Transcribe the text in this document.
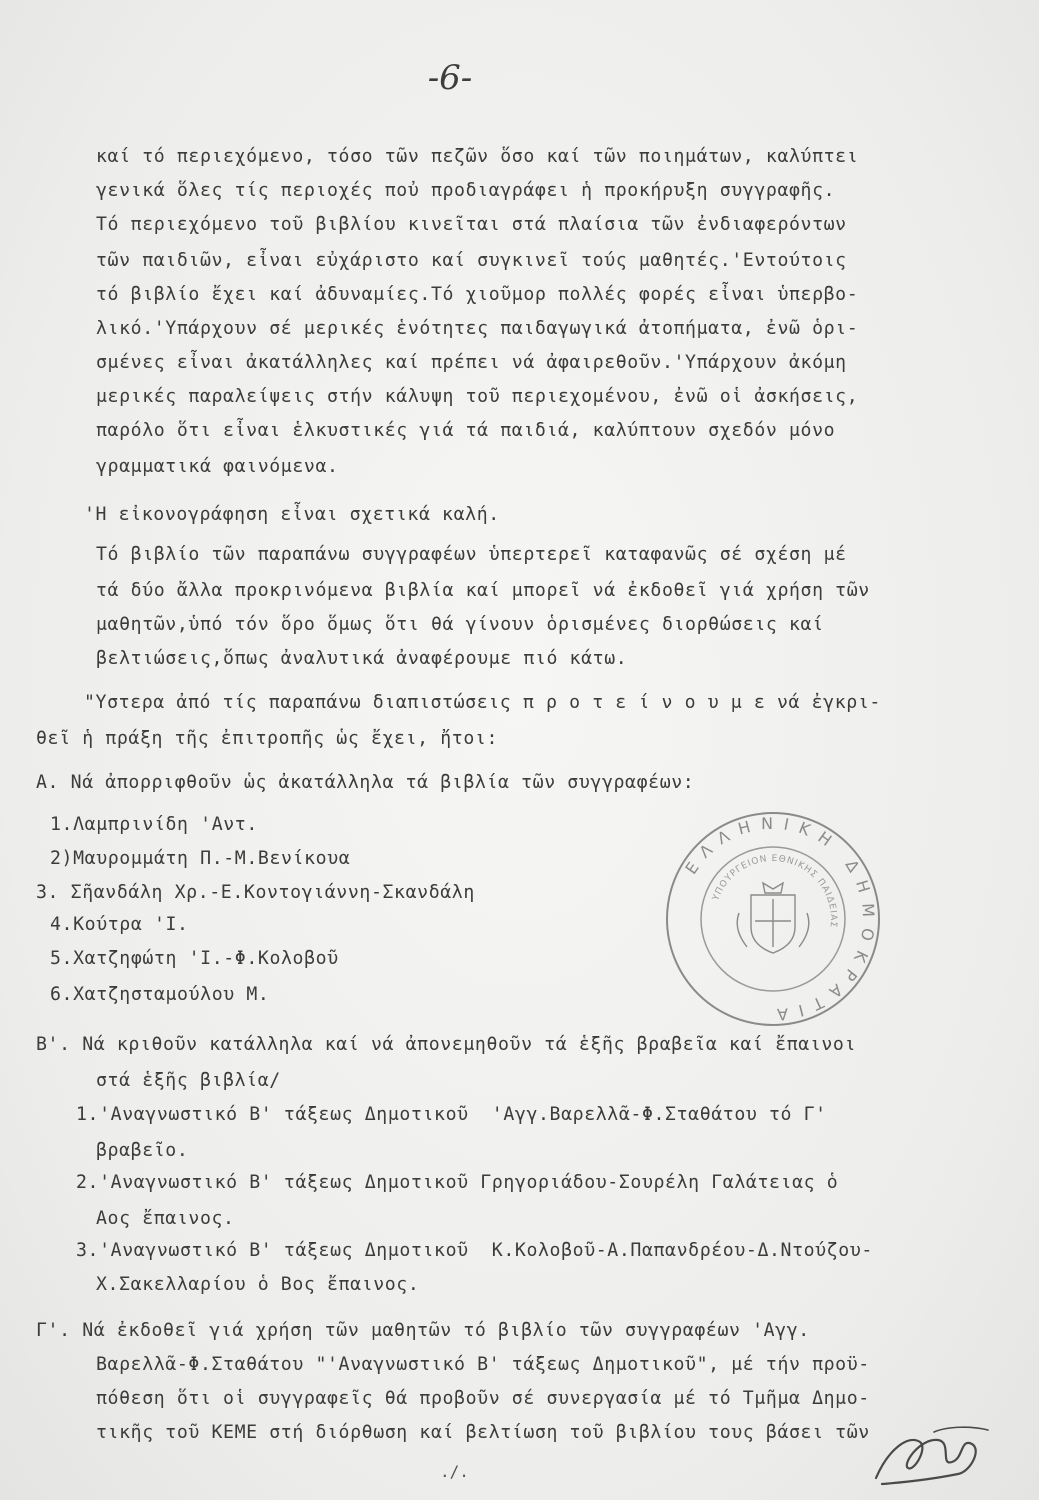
-6-
καί τό περιεχόμενο, τόσο τῶν πεζῶν ὅσο καί τῶν ποιημάτων, καλύπτει
γενικά ὅλες τίς περιοχές ποὐ προδιαγράφει ἡ προκήρυξη συγγραφῆς.
Τό περιεχόμενο τοῦ βιβλίου κινεῖται στά πλαίσια τῶν ἐνδιαφερόντων
τῶν παιδιῶν, εἶναι εὐχάριστο καί συγκινεῖ τούς μαθητές.'Εντούτοις
τό βιβλίο ἔχει καί ἀδυναμίες.Τό χιοῦμορ πολλές φορές εἶναι ὑπερβο-
λικό.'Υπάρχουν σέ μερικές ἑνότητες παιδαγωγικά ἀτοπήματα, ἐνῶ ὁρι-
σμένες εἶναι ἀκατάλληλες καί πρέπει νά ἀφαιρεθοῦν.'Υπάρχουν ἀκόμη
μερικές παραλείψεις στήν κάλυψη τοῦ περιεχομένου, ἐνῶ οἱ ἀσκήσεις,
παρόλο ὅτι εἶναι ἑλκυστικές γιά τά παιδιά, καλύπτουν σχεδόν μόνο
γραμματικά φαινόμενα.
'Η εἰκονογράφηση εἶναι σχετικά καλή.
Τό βιβλίο τῶν παραπάνω συγγραφέων ὑπερτερεῖ καταφανῶς σέ σχέση μέ
τά δύο ἄλλα προκρινόμενα βιβλία καί μπορεῖ νά ἐκδοθεῖ γιά χρήση τῶν
μαθητῶν,ὑπό τόν ὅρο ὅμως ὅτι θά γίνουν ὁρισμένες διορθώσεις καί
βελτιώσεις,ὅπως ἀναλυτικά ἀναφέρουμε πιό κάτω.
"Υστερα ἀπό τίς παραπάνω διαπιστώσεις π ρ ο τ ε ί ν ο υ μ ε νά ἐγκρι-
θεῖ ἡ πράξη τῆς ἐπιτροπῆς ὡς ἔχει, ἤτοι:
Α. Νά ἀπορριφθοῦν ὡς ἀκατάλληλα τά βιβλία τῶν συγγραφέων:
1.Λαμπρινίδη 'Αντ.
2)Μαυρομμάτη Π.-Μ.Βενίκουα
3. Σῆανδάλη Χρ.-Ε.Κοντογιάννη-Σκανδάλη
4.Κούτρα 'Ι.
5.Χατζηφώτη 'Ι.-Φ.Κολοβοῦ
6.Χατζησταμούλου Μ.
Β'. Νά κριθοῦν κατάλληλα καί νά ἀπονεμηθοῦν τά ἑξῆς βραβεῖα καί ἔπαινοι
στά ἑξῆς βιβλία/
1.'Αναγνωστικό Β' τάξεως Δημοτικοῦ  'Αγγ.Βαρελλᾶ-Φ.Σταθάτου τό Γ'
βραβεῖο.
2.'Αναγνωστικό Β' τάξεως Δημοτικοῦ Γρηγοριάδου-Σουρέλη Γαλάτειας ὁ
Αος ἔπαινος.
3.'Αναγνωστικό Β' τάξεως Δημοτικοῦ  Κ.Κολοβοῦ-Α.Παπανδρέου-Δ.Ντούζου-
Χ.Σακελλαρίου ὁ Βος ἔπαινος.
Γ'. Νά ἐκδοθεῖ γιά χρήση τῶν μαθητῶν τό βιβλίο τῶν συγγραφέων 'Αγγ.
Βαρελλᾶ-Φ.Σταθάτου "'Αναγνωστικό Β' τάξεως Δημοτικοῦ", μέ τήν προϋ-
πόθεση ὅτι οἱ συγγραφεῖς θά προβοῦν σέ συνεργασία μέ τό Τμῆμα Δημο-
τικῆς τοῦ ΚΕΜΕ στή διόρθωση καί βελτίωση τοῦ βιβλίου τους βάσει τῶν
ΕΛΛΗΝΙΚΗ ΔΗΜΟΚΡΑΤΙΑ
ΥΠΟΥΡΓΕΙΟΝ ΕΘΝΙΚΗΣ ΠΑΙΔΕΙΑΣ
./.
